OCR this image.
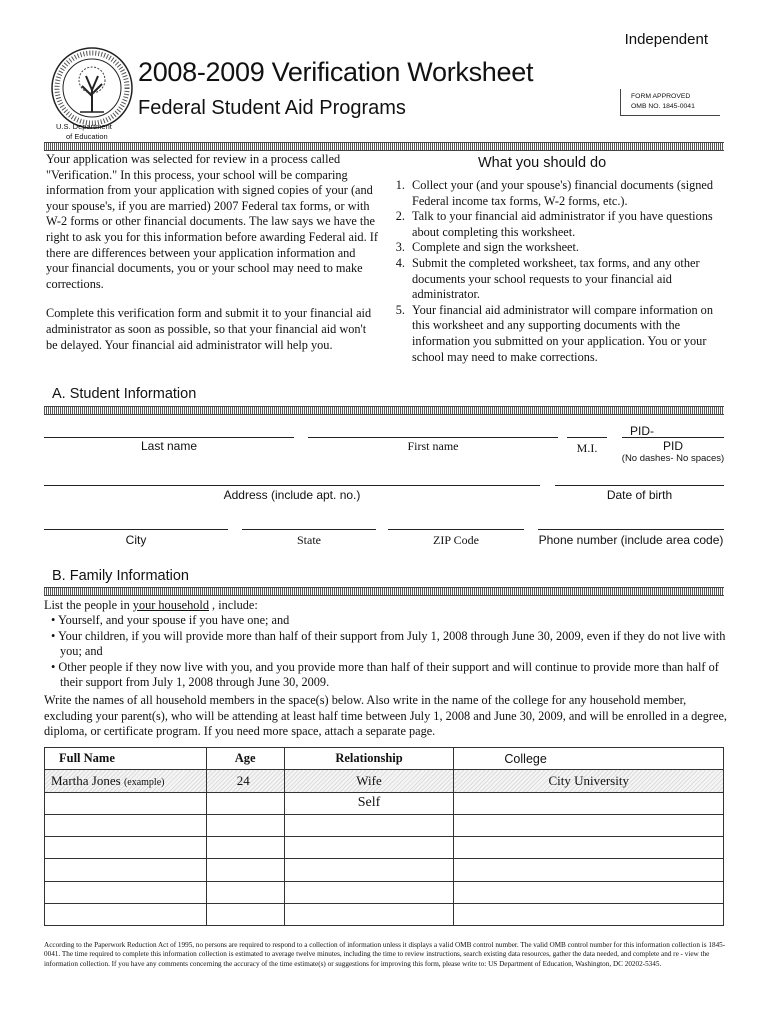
Independent
U.S. Department
of Education
2008-2009 Verification Worksheet
Federal Student Aid Programs
FORM APPROVED
OMB NO. 1845-0041

Your application was selected for review in a process called "Verification." In this process, your school will be comparing information from your application with signed copies of your (and your spouse's, if you are married) 2007 Federal tax forms, or with W-2 forms or other financial documents. The law says we have the right to ask you for this information before awarding Federal aid. If there are differences between your application information and your financial documents, you or your school may need to make corrections.

Complete this verification form and submit it to your financial aid administrator as soon as possible, so that your financial aid won't be delayed. Your financial aid administrator will help you.

What you should do
1. Collect your (and your spouse's) financial documents (signed Federal income tax forms, W-2 forms, etc.).
2. Talk to your financial aid administrator if you have questions about completing this worksheet.
3. Complete and sign the worksheet.
4. Submit the completed worksheet, tax forms, and any other documents your school requests to your financial aid administrator.
5. Your financial aid administrator will compare information on this worksheet and any supporting documents with the information you submitted on your application. You or your school may need to make corrections.
A. Student Information
PID-
Last name	First name	M.I.	PID
(No dashes- No spaces)
Address (include apt. no.)	Date of birth
City	State	ZIP Code	Phone number (include area code)
B. Family Information
List the people in your household , include:
• Yourself, and your spouse if you have one; and
• Your children, if you will provide more than half of their support from July 1, 2008 through June 30, 2009, even if they do not live with you; and
• Other people if they now live with you, and you provide more than half of their support and will continue to provide more than half of their support from July 1, 2008 through June 30, 2009.
Write the names of all household members in the space(s) below. Also write in the name of the college for any household member, excluding your parent(s), who will be attending at least half time between July 1, 2008 and June 30, 2009, and will be enrolled in a degree, diploma, or certificate program. If you need more space, attach a separate page.
Full Name	Age	Relationship	College
Martha Jones (example)	24	Wife	City University
		Self	

According to the Paperwork Reduction Act of 1995, no persons are required to respond to a collection of information unless it displays a valid OMB control number. The valid OMB control number for this information collection is 1845-0041. The time required to complete this information collection is estimated to average twelve minutes, including the time to review instructions, search existing data resources, gather the data needed, and complete and re - view the information collection. If you have any comments concerning the accuracy of the time estimate(s) or suggestions for improving this form, please write to: US Department of Education, Washington, DC 20202-5345.
